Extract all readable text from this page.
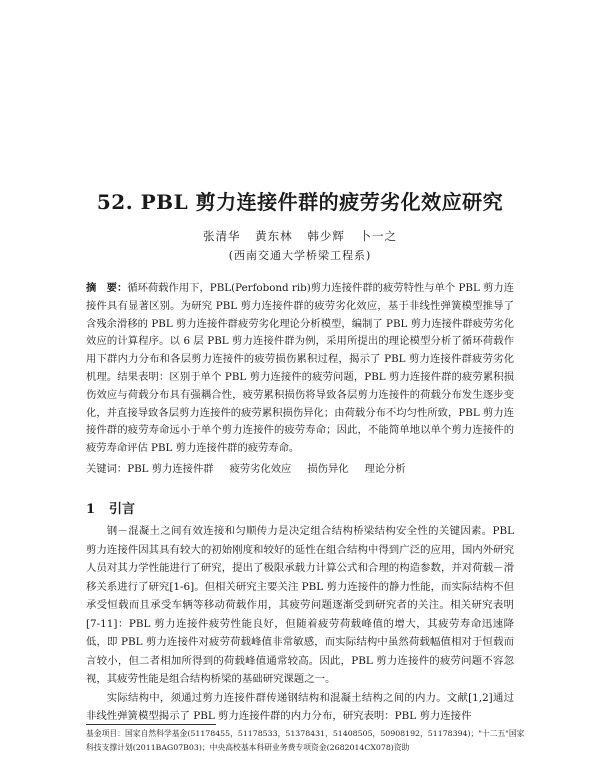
52. PBL 剪力连接件群的疲劳劣化效应研究
张清华 黄东林 韩少辉 卜一之
(西南交通大学桥梁工程系)
摘　要：循环荷载作用下，PBL(Perfobond rib)剪力连接件群的疲劳特性与单个 PBL 剪力连接件具有显著区别。为研究 PBL 剪力连接件群的疲劳劣化效应，基于非线性弹簧模型推导了含残余滑移的 PBL 剪力连接件群疲劳劣化理论分析模型，编制了 PBL 剪力连接件群疲劳劣化效应的计算程序。以 6 层 PBL 剪力连接件群为例，采用所提出的理论模型分析了循环荷载作用下群内力分布和各层剪力连接件的疲劳损伤累积过程，揭示了 PBL 剪力连接件群疲劳劣化机理。结果表明：区别于单个 PBL 剪力连接件的疲劳问题，PBL 剪力连接件群的疲劳累积损伤效应与荷载分布具有强耦合性，疲劳累积损伤将导致各层剪力连接件的荷载分布发生逐步变化，并直接导致各层剪力连接件的疲劳累积损伤异化；由荷载分布不均匀性所致，PBL 剪力连接件群的疲劳寿命远小于单个剪力连接件的疲劳寿命；因此，不能简单地以单个剪力连接件的疲劳寿命评估 PBL 剪力连接件群的疲劳寿命。
关键词：PBL 剪力连接件群 疲劳劣化效应 损伤异化 理论分析
1 引言

钢－混凝土之间有效连接和匀顺传力是决定组合结构桥梁结构安全性的关键因素。PBL 剪力连接件因其具有较大的初始刚度和较好的延性在组合结构中得到广泛的应用，国内外研究人员对其力学性能进行了研究，提出了极限承载力计算公式和合理的构造参数，并对荷载－滑移关系进行了研究[1-6]。但相关研究主要关注 PBL 剪力连接件的静力性能，而实际结构不但承受恒载而且承受车辆等移动荷载作用，其疲劳问题逐渐受到研究者的关注。相关研究表明[7-11]：PBL 剪力连接件疲劳性能良好，但随着疲劳荷载峰值的增大，其疲劳寿命迅速降低，即 PBL 剪力连接件对疲劳荷载峰值非常敏感，而实际结构中虽然荷载幅值相对于恒载而言较小，但二者相加所得到的荷载峰值通常较高。因此，PBL 剪力连接件的疲劳问题不容忽视，其疲劳性能是组合结构桥梁的基础研究课题之一。

实际结构中，须通过剪力连接件群传递钢结构和混凝土结构之间的内力。文献[1,2]通过非线性弹簧模型揭示了 PBL 剪力连接件群的内力分布，研究表明：PBL 剪力连接件

基金项目：国家自然科学基金(51178455，51178533，51378431，51408505，50908192，51178394)；"十二五"国家科技支撑计划(2011BAG07B03)；中央高校基本科研业务费专项资金(2682014CX078)资助
